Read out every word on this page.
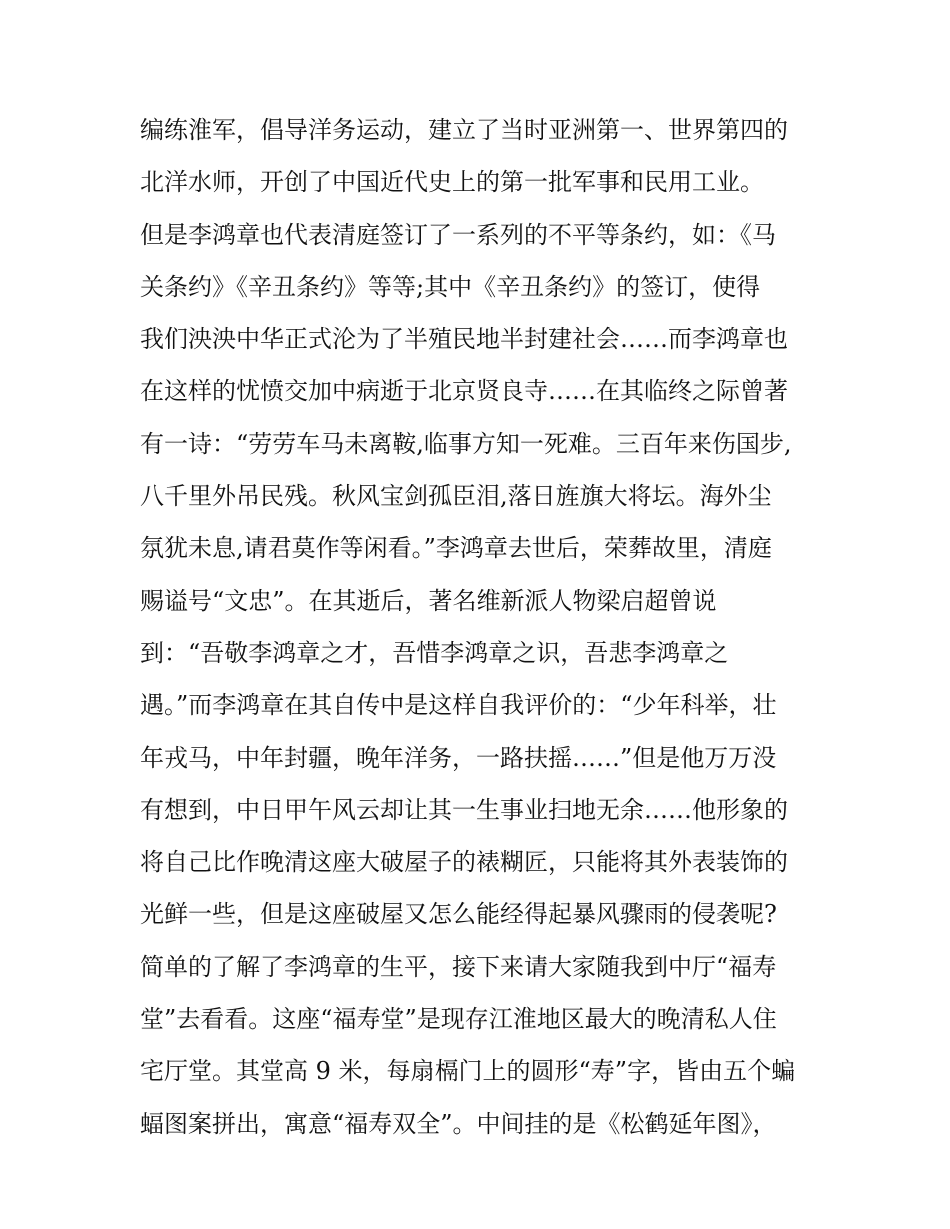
编练淮军，倡导洋务运动，建立了当时亚洲第一、世界第四的
北洋水师，开创了中国近代史上的第一批军事和民用工业。
但是李鸿章也代表清庭签订了一系列的不平等条约，如：《马
关条约》《辛丑条约》等等;其中《辛丑条约》的签订，使得
我们泱泱中华正式沦为了半殖民地半封建社会……而李鸿章也
在这样的忧愤交加中病逝于北京贤良寺……在其临终之际曾著
有一诗：“劳劳车马未离鞍,临事方知一死难。三百年来伤国步,
八千里外吊民残。秋风宝剑孤臣泪,落日旌旗大将坛。海外尘
氛犹未息,请君莫作等闲看。”李鸿章去世后，荣葬故里，清庭
赐谥号“文忠”。在其逝后，著名维新派人物梁启超曾说
到：“吾敬李鸿章之才，吾惜李鸿章之识，吾悲李鸿章之
遇。”而李鸿章在其自传中是这样自我评价的：“少年科举，壮
年戎马，中年封疆，晚年洋务，一路扶摇……”但是他万万没
有想到，中日甲午风云却让其一生事业扫地无余……他形象的
将自己比作晚清这座大破屋子的裱糊匠，只能将其外表装饰的
光鲜一些，但是这座破屋又怎么能经得起暴风骤雨的侵袭呢?
简单的了解了李鸿章的生平，接下来请大家随我到中厅“福寿
堂”去看看。这座“福寿堂”是现存江淮地区最大的晚清私人住
宅厅堂。其堂高 9 米，每扇槅门上的圆形“寿”字，皆由五个蝙
蝠图案拼出，寓意“福寿双全”。中间挂的是《松鹤延年图》，
